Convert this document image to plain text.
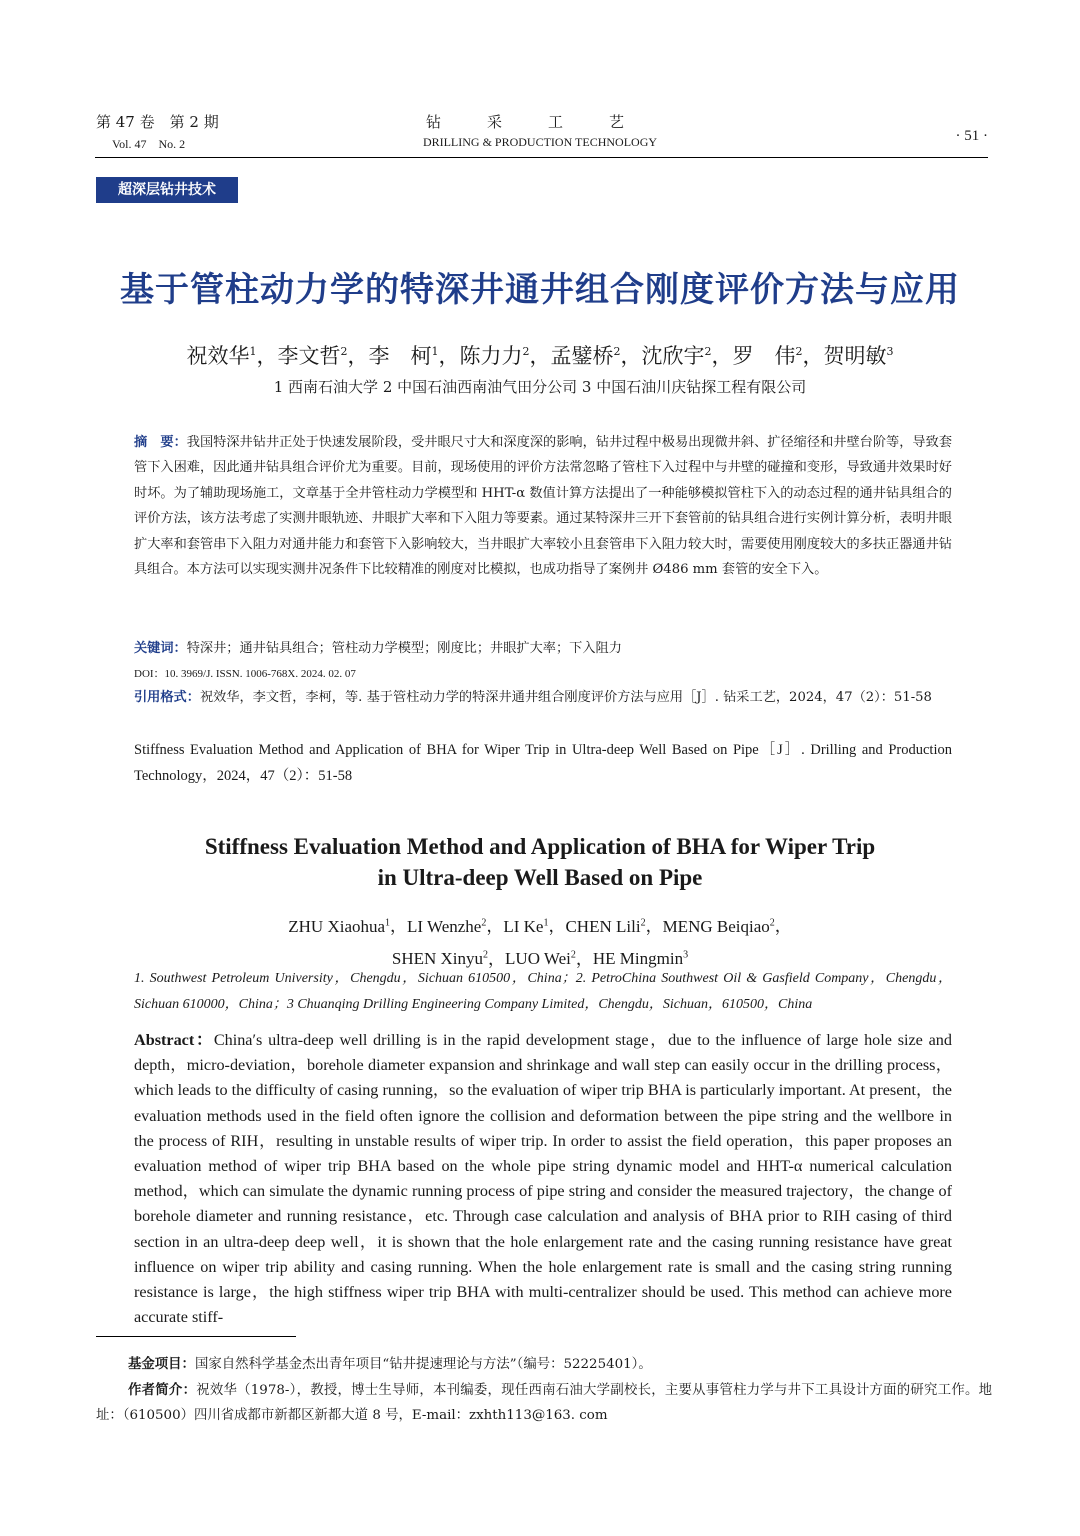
第 47 卷　第 2 期
Vol. 47　No. 2
钻采工艺
DRILLING & PRODUCTION TECHNOLOGY	· 51 ·
超深层钻井技术
基于管柱动力学的特深井通井组合刚度评价方法与应用
祝效华$^1$，李文哲$^2$，李　柯$^1$，陈力力$^2$，孟鐾桥$^2$，沈欣宇$^2$，罗　伟$^2$，贺明敏$^3$
1 西南石油大学 2 中国石油西南油气田分公司 3 中国石油川庆钻探工程有限公司
摘　要：我国特深井钻井正处于快速发展阶段，受井眼尺寸大和深度深的影响，钻井过程中极易出现微井斜、扩径缩径和井壁台阶等，导致套管下入困难，因此通井钻具组合评价尤为重要。目前，现场使用的评价方法常忽略了管柱下入过程中与井壁的碰撞和变形，导致通井效果时好时坏。为了辅助现场施工，文章基于全井管柱动力学模型和 HHT-α 数值计算方法提出了一种能够模拟管柱下入的动态过程的通井钻具组合的评价方法，该方法考虑了实测井眼轨迹、井眼扩大率和下入阻力等要素。通过某特深井三开下套管前的钻具组合进行实例计算分析，表明井眼扩大率和套管串下入阻力对通井能力和套管下入影响较大，当井眼扩大率较小且套管串下入阻力较大时，需要使用刚度较大的多扶正器通井钻具组合。本方法可以实现实测井况条件下比较精准的刚度对比模拟，也成功指导了案例井 Ø486 mm 套管的安全下入。
关键词：特深井；通井钻具组合；管柱动力学模型；刚度比；井眼扩大率；下入阻力
DOI：10. 3969/J. ISSN. 1006-768X. 2024. 02. 07
引用格式：祝效华，李文哲，李柯，等. 基于管柱动力学的特深井通井组合刚度评价方法与应用［J］. 钻采工艺，2024，47（2）：51-58
Stiffness Evaluation Method and Application of BHA for Wiper Trip in Ultra-deep Well Based on Pipe［J］. Drilling and Production Technology，2024，47（2）：51-58
Stiffness Evaluation Method and Application of BHA for Wiper Trip
in Ultra-deep Well Based on Pipe
ZHU Xiaohua$^1$，LI Wenzhe$^2$，LI Ke$^1$，CHEN Lili$^2$，MENG Beiqiao$^2$，
SHEN Xinyu$^2$，LUO Wei$^2$，HE Mingmin$^3$
1. Southwest Petroleum University，Chengdu，Sichuan 610500，China；2. PetroChina Southwest Oil & Gasfield Company，Chengdu，Sichuan 610000，China；3 Chuanqing Drilling Engineering Company Limited，Chengdu，Sichuan，610500，China
Abstract：China′s ultra-deep well drilling is in the rapid development stage，due to the influence of large hole size and depth，micro-deviation，borehole diameter expansion and shrinkage and wall step can easily occur in the drilling process，which leads to the difficulty of casing running，so the evaluation of wiper trip BHA is particularly important. At present，the evaluation methods used in the field often ignore the collision and deformation between the pipe string and the wellbore in the process of RIH，resulting in unstable results of wiper trip. In order to assist the field operation，this paper proposes an evaluation method of wiper trip BHA based on the whole pipe string dynamic model and HHT-α numerical calculation method，which can simulate the dynamic running process of pipe string and consider the measured trajectory，the change of borehole diameter and running resistance，etc. Through case calculation and analysis of BHA prior to RIH casing of third section in an ultra-deep deep well，it is shown that the hole enlargement rate and the casing running resistance have great influence on wiper trip ability and casing running. When the hole enlargement rate is small and the casing string running resistance is large，the high stiffness wiper trip BHA with multi-centralizer should be used. This method can achieve more accurate stiff-
基金项目：国家自然科学基金杰出青年项目“钻井提速理论与方法”（编号：52225401）。
作者简介：祝效华（1978-），教授，博士生导师，本刊编委，现任西南石油大学副校长，主要从事管柱力学与井下工具设计方面的研究工作。地址：（610500）四川省成都市新都区新都大道 8 号，E-mail：zxhth113@163. com
